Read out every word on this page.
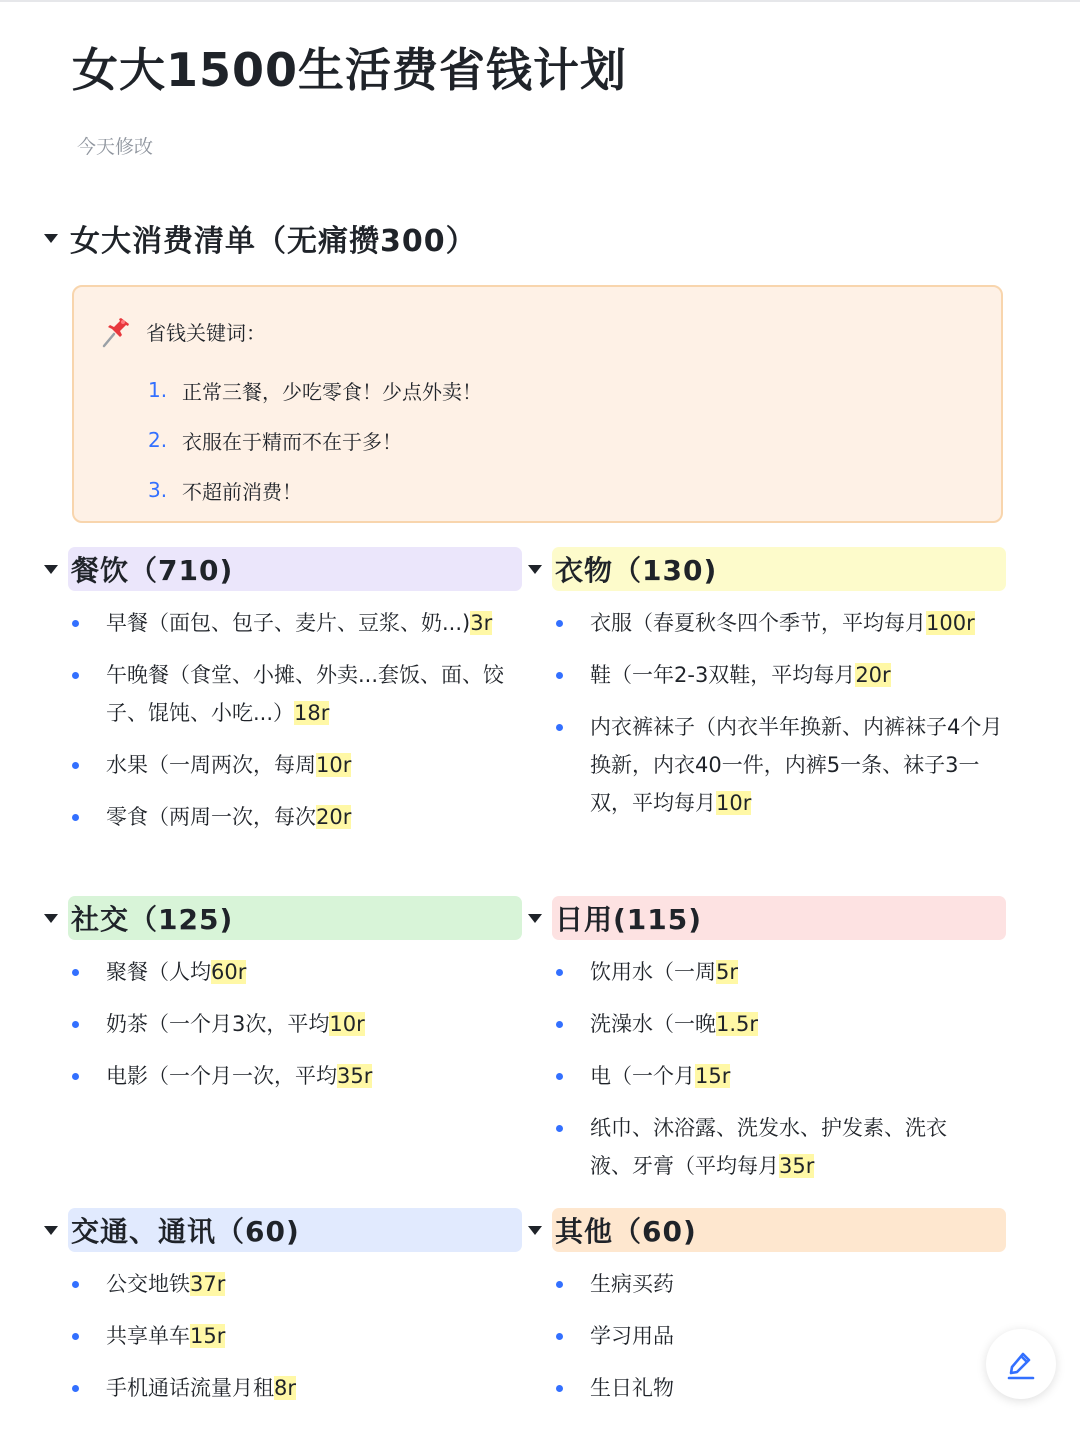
女大1500生活费省钱计划
今天修改
女大消费清单（无痛攒300）
省钱关键词：
1. 正常三餐，少吃零食！少点外卖！
2. 衣服在于精而不在于多！
3. 不超前消费！
餐饮（710)
早餐（面包、包子、麦片、豆浆、奶...)3r
午晚餐（食堂、小摊、外卖...套饭、面、饺子、馄饨、小吃...）18r
水果（一周两次，每周10r
零食（两周一次，每次20r
衣物（130)
衣服（春夏秋冬四个季节，平均每月100r
鞋（一年2-3双鞋，平均每月20r
内衣裤袜子（内衣半年换新、内裤袜子4个月换新，内衣40一件，内裤5一条、袜子3一双，平均每月10r
社交（125)
聚餐（人均60r
奶茶（一个月3次，平均10r
电影（一个月一次，平均35r
日用(115)
饮用水（一周5r
洗澡水（一晚1.5r
电（一个月15r
纸巾、沐浴露、洗发水、护发素、洗衣液、牙膏（平均每月35r
交通、通讯（60)
公交地铁37r
共享单车15r
手机通话流量月租8r
其他（60)
生病买药
学习用品
生日礼物
